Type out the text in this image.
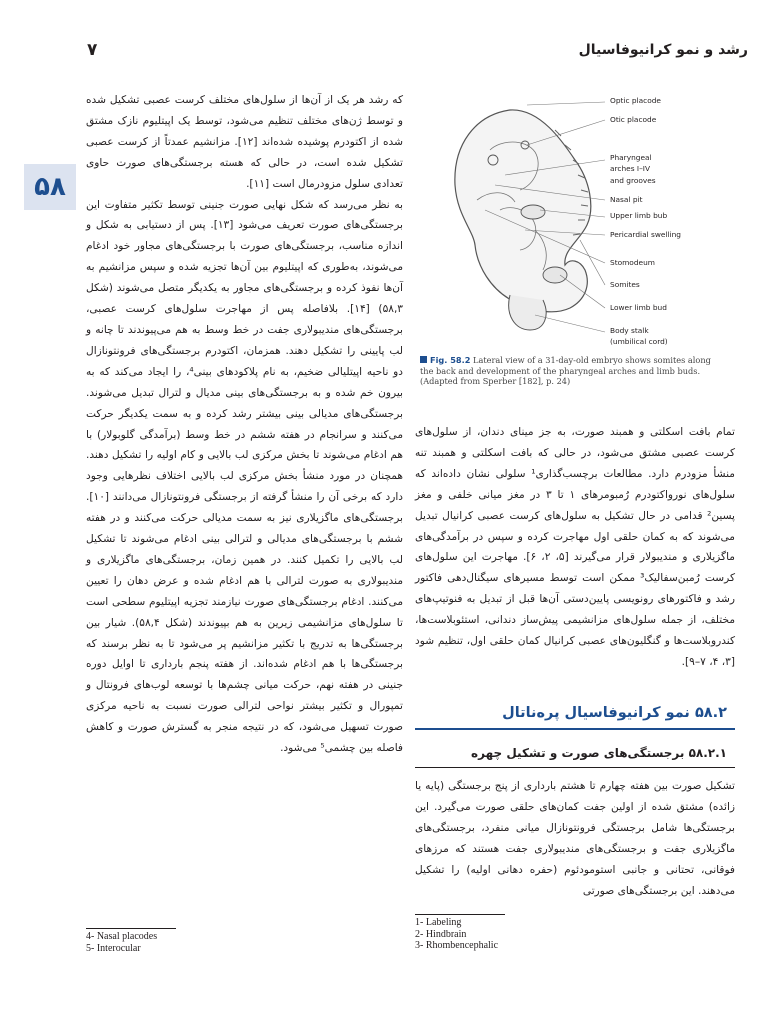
۷	رشد و نمو کرانیوفاسیال
۵۸

که رشد هر یک از آن‌ها از سلول‌های مختلف کرست عصبی تشکیل شده و توسط ژن‌های مختلف تنظیم می‌شود، توسط یک اپیتلیوم نازک مشتق شده از اکتودرم پوشیده شده‌اند [۱۲]. مزانشیم عمدتاً از کرست عصبی تشکیل شده است، در حالی که هسته برجستگی‌های صورت حاوی تعدادی سلول مزودرمال است [۱۱].

به نظر می‌رسد که شکل نهایی صورت جنینی توسط تکثیر متفاوت این برجستگی‌های صورت تعریف می‌شود [۱۳]. پس از دستیابی به شکل و اندازه مناسب، برجستگی‌های صورت با برجستگی‌های مجاور خود ادغام می‌شوند، به‌طوری که اپیتلیوم بین آن‌ها تجزیه شده و سپس مزانشیم به آن‌ها نفوذ کرده و برجستگی‌های مجاور به یکدیگر متصل می‌شوند (شکل ۵۸,۳) [۱۴]. بلافاصله پس از مهاجرت سلول‌های کرست عصبی، برجستگی‌های مندیبولاری جفت در خط وسط به هم می‌پیوندند تا چانه و لب پایینی را تشکیل دهند. همزمان، اکتودرم برجستگی‌های فرونتونازال دو ناحیه اپیتلیالی ضخیم، به نام پلاکودهای بینی⁴، را ایجاد می‌کند که به بیرون خم شده و به برجستگی‌های بینی مدیال و لترال تبدیل می‌شوند. برجستگی‌های مدیالی بینی بیشتر رشد کرده و به سمت یکدیگر حرکت می‌کنند و سرانجام در هفته ششم در خط وسط (برآمدگی گلوبولار) با هم ادغام می‌شوند تا بخش مرکزی لب بالایی و کام اولیه را تشکیل دهند. همچنان در مورد منشأ بخش مرکزی لب بالایی اختلاف نظرهایی وجود دارد که برخی آن را منشأ گرفته از برجستگی فرونتونازال می‌دانند [۱۰]. برجستگی‌های ماگزیلاری نیز به سمت مدیالی حرکت می‌کنند و در هفته ششم با برجستگی‌های مدیالی و لترالی بینی ادغام می‌شوند تا تشکیل لب بالایی را تکمیل کنند. در همین زمان، برجستگی‌های ماگزیلاری و مندیبولاری به صورت لترالی با هم ادغام شده و عرض دهان را تعیین می‌کنند. ادغام برجستگی‌های صورت نیازمند تجزیه اپیتلیوم سطحی است تا سلول‌های مزانشیمی زیرین به هم بپیوندند (شکل ۵۸,۴). شیار بین برجستگی‌ها به تدریج با تکثیر مزانشیم پر می‌شود تا به نظر برسند که برجستگی‌ها با هم ادغام شده‌اند. از هفته پنجم بارداری تا اوایل دوره جنینی در هفته نهم، حرکت میانی چشم‌ها با توسعه لوب‌های فرونتال و تمپورال و تکثیر بیشتر نواحی لترالی صورت نسبت به ناحیه مرکزی صورت تسهیل می‌شود، که در نتیجه منجر به گسترش صورت و کاهش فاصله بین چشمی⁵ می‌شود.

Optic placode
Otic placode
Pharyngeal
arches I–IV
and grooves
Nasal pit
Upper limb bub
Pericardial swelling
Stomodeum
Somites
Lower limb bud
Body stalk
(umbilical cord)
Fig. 58.2 Lateral view of a 31-day-old embryo shows somites along the back and development of the pharyngeal arches and limb buds. (Adapted from Sperber [182], p. 24)

تمام بافت اسکلتی و همبند صورت، به جز مینای دندان، از سلول‌های کرست عصبی مشتق می‌شود، در حالی که بافت اسکلتی و همبند تنه منشأ مزودرم دارد. مطالعات برچسب‌گذاری¹ سلولی نشان داده‌اند که سلول‌های نورواکتودرم رُمبومرهای ۱ تا ۳ در مغز میانی خلفی و مغز پسین² قدامی در حال تشکیل به سلول‌های کرست عصبی کرانیال تبدیل می‌شوند که به کمان حلقی اول مهاجرت کرده و سپس در برآمدگی‌های ماگزیلاری و مندیبولار قرار می‌گیرند [۵، ۲، ۶]. مهاجرت این سلول‌های کرست رُمبن‌سفالیک³ ممکن است توسط مسیرهای سیگنال‌دهی فاکتور رشد و فاکتورهای رونویسی پایین‌دستی آن‌ها قبل از تبدیل به فنوتیپ‌های مختلف، از جمله سلول‌های مزانشیمی پیش‌ساز دندانی، استئوبلاست‌ها، کندروبلاست‌ها و گنگلیون‌های عصبی کرانیال کمان حلقی اول، تنظیم شود [۳، ۴، ۷–۹].

۵۸.۲ نمو کرانیوفاسیال پره‌ناتال
۵۸.۲.۱ برجستگی‌های صورت و تشکیل چهره

تشکیل صورت بین هفته چهارم تا هشتم بارداری از پنج برجستگی (پایه یا زائده) مشتق شده از اولین جفت کمان‌های حلقی صورت می‌گیرد. این برجستگی‌ها شامل برجستگی فرونتونازال میانی منفرد، برجستگی‌های ماگزیلاری جفت و برجستگی‌های مندیبولاری جفت هستند که مرزهای فوقانی، تحتانی و جانبی استومودئوم (حفره دهانی اولیه) را تشکیل می‌دهند. این برجستگی‌های صورتی

4- Nasal placodes
5- Interocular
1- Labeling
2- Hindbrain
3- Rhombencephalic
